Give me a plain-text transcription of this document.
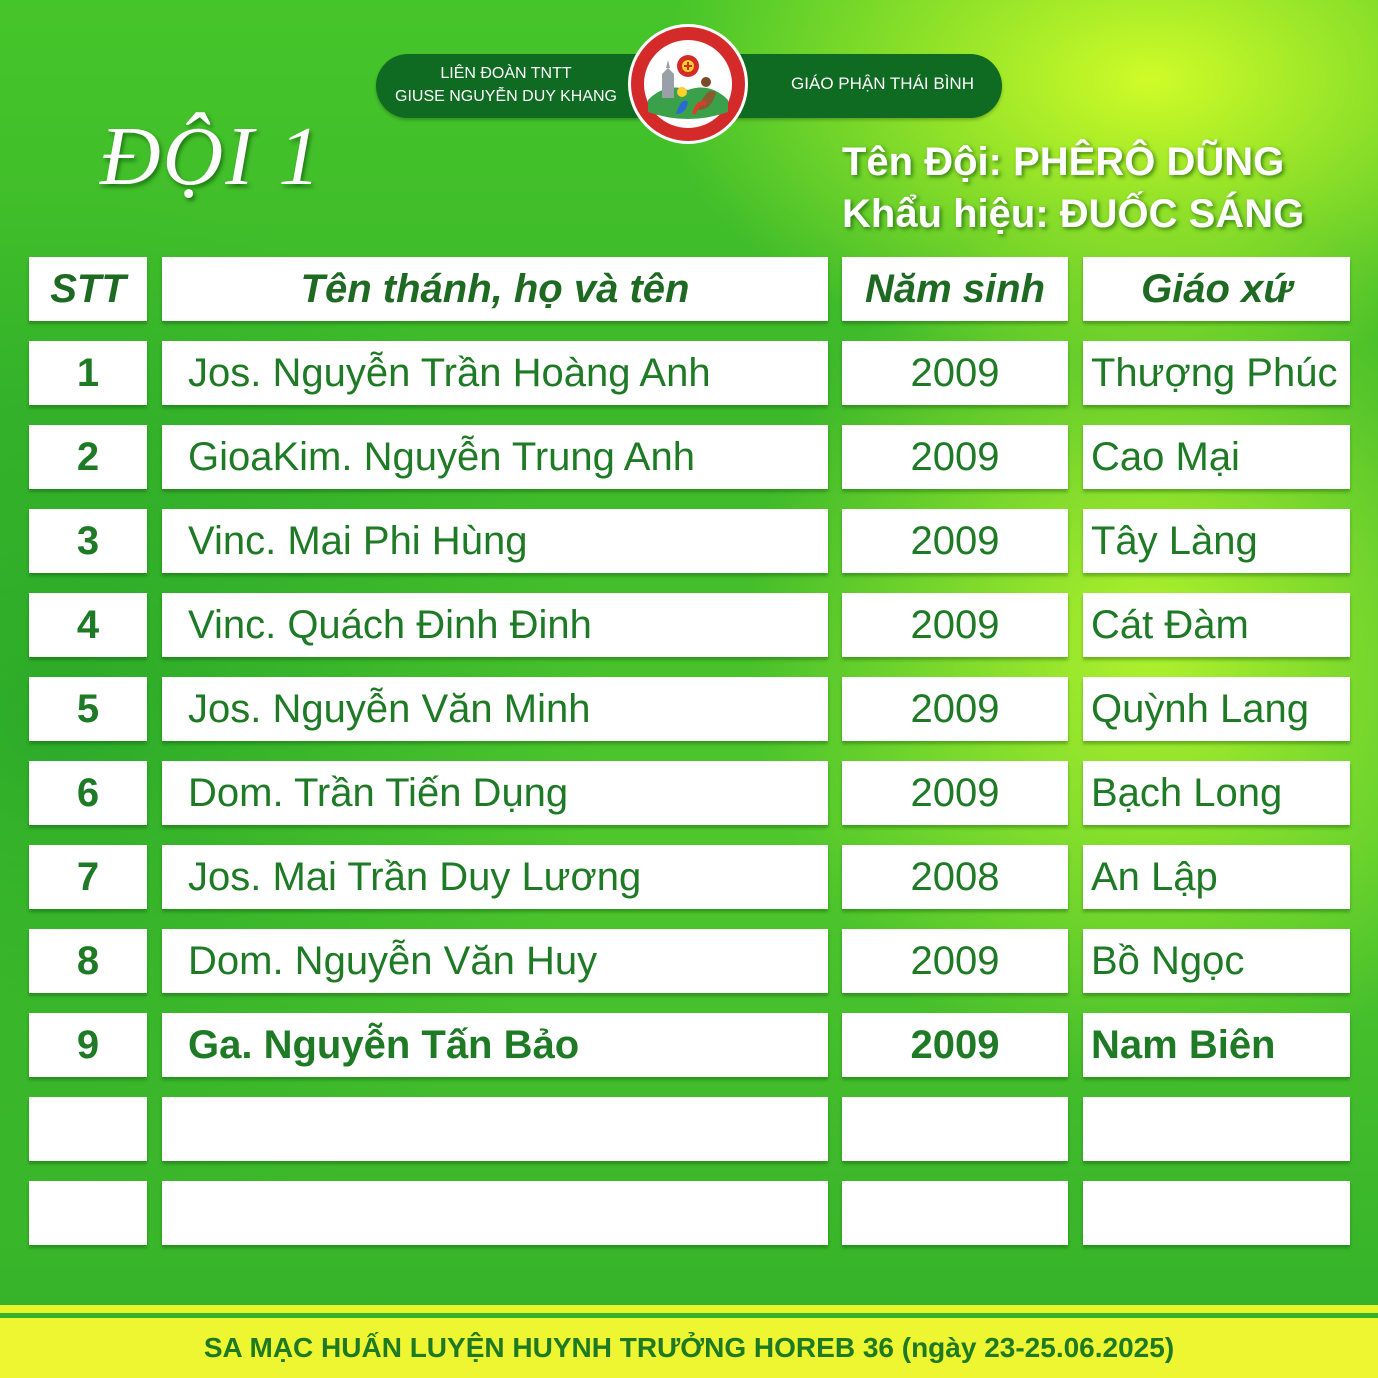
LIÊN ĐOÀN TNTT
GIUSE NGUYỄN DUY KHANG
GIÁO PHẬN THÁI BÌNH
ĐỘI 1	Tên Đội: PHÊRÔ DŨNG
Khẩu hiệu: ĐUỐC SÁNG
STT	Tên thánh, họ và tên	Năm sinh	Giáo xứ
1	Jos. Nguyễn Trần Hoàng Anh	2009	Thượng Phúc
2	GioaKim. Nguyễn Trung Anh	2009	Cao Mại
3	Vinc. Mai Phi Hùng	2009	Tây Làng
4	Vinc. Quách Đinh Đinh	2009	Cát Đàm
5	Jos. Nguyễn Văn Minh	2009	Quỳnh Lang
6	Dom. Trần Tiến Dụng	2009	Bạch Long
7	Jos. Mai Trần Duy Lương	2008	An Lập
8	Dom. Nguyễn Văn Huy	2009	Bồ Ngọc
9	Ga. Nguyễn Tấn Bảo	2009	Nam Biên
SA MẠC HUẤN LUYỆN HUYNH TRƯỞNG HOREB 36 (ngày 23-25.06.2025)
